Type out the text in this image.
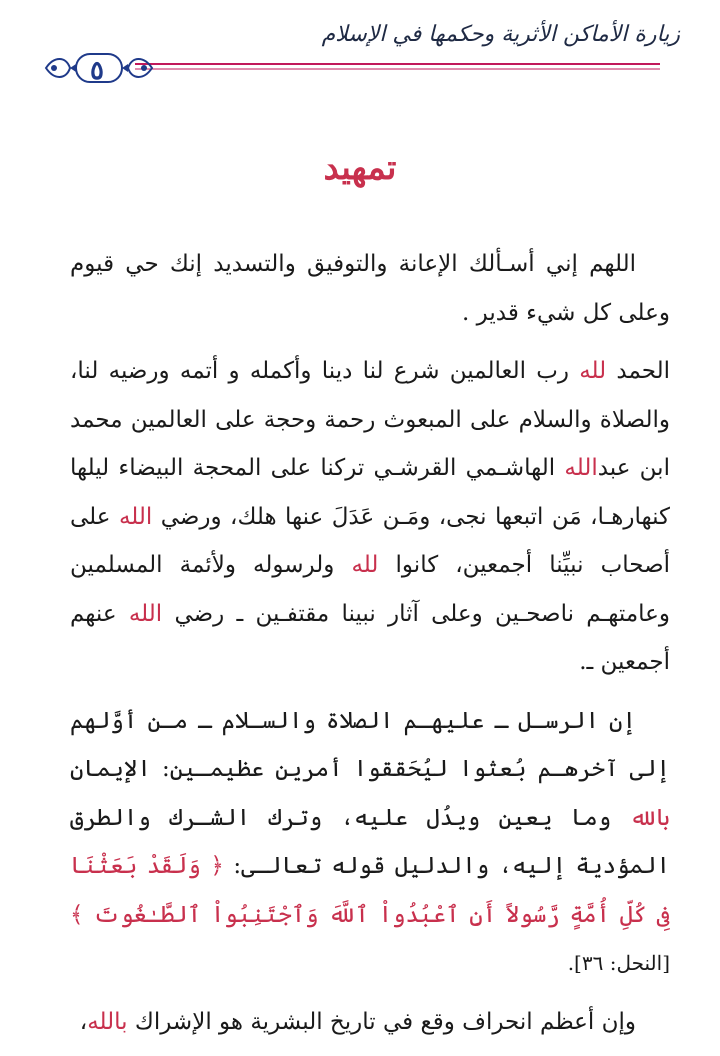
زيارة الأماكن الأثرية وحكمها في الإسلام
٥
تمهيد

اللهم إني أسـألك الإعانة والتوفيق والتسديد إنك حي قيوم وعلى كل شيء قدير .

الحمد لله رب العالمين شرع لنا دينا وأكمله و أتمه ورضيه لنا، والصلاة والسلام على المبعوث رحمة وحجة على العالمين محمد ابن عبدالله الهاشـمي القرشـي تركنا على المحجة البيضاء ليلها كنهارهـا، مَن اتبعها نجى، ومَـن عَدَلَ عنها هلك، ورضي الله على أصحاب نبيِّنا أجمعين، كانوا لله ولرسوله ولأئمة المسلمين وعامتهـم ناصحـين وعلى آثار نبينا مقتفـين ـ رضي الله عنهم أجمعين ـ.

إن الرسـل ـ عليهـم الصلاة والسـلام ـ مـن أوَّلهم إلى آخرهـم بُعثوا ليُحَققوا أمرين عظيمـين: الإيمان بالله وما يعين ويدُل عليه، وترك الشـرك والطرق المؤدية إليه، والدليل قوله تعالـى: ﴿ وَلَقَدْ بَعَثْنَا فِى كُلِّ أُمَّةٍ رَّسُولاً أَنِ ٱعْبُدُواْ ٱللَّهَ وَٱجْتَنِبُواْ ٱلطَّـٰغُوتَ ﴾ [النحل: ٣٦].

وإن أعظم انحراف وقع في تاريخ البشرية هو الإشراك بالله،
